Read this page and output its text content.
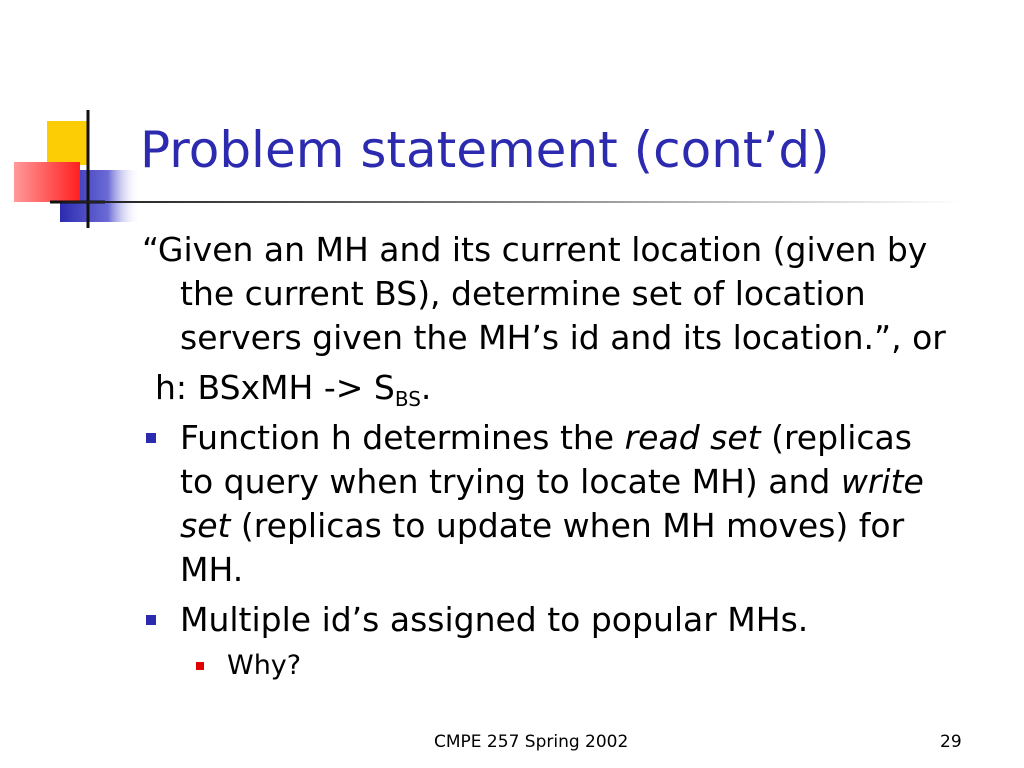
Problem statement (cont’d)
“Given an MH and its current location (given by
the current BS), determine set of location
servers given the MH’s id and its location.”, or
h: BSxMH -> $S_{BS}$.
Function h determines the read set (replicas
to query when trying to locate MH) and write
set (replicas to update when MH moves) for
MH.
Multiple id’s assigned to popular MHs.
Why?
CMPE 257 Spring 2002	29
